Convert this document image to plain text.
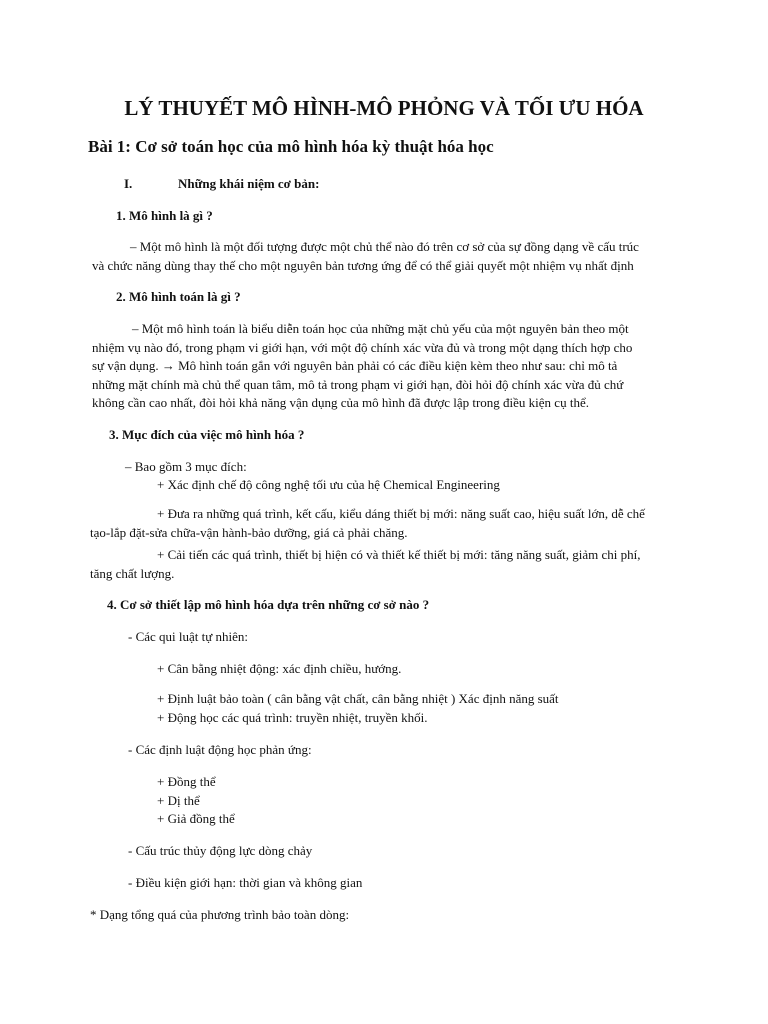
LÝ THUYẾT MÔ HÌNH-MÔ PHỎNG VÀ TỐI ƯU HÓA
Bài 1: Cơ sở toán học của mô hình hóa kỳ thuật hóa học
I.	Những khái niệm cơ bản:
1. Mô hình là gì ?
– Một mô hình là một đối tượng được một chủ thể nào đó trên cơ sở của sự đồng dạng về cấu trúc
và chức năng dùng thay thế cho một nguyên bản tương ứng để có thể giải quyết một nhiệm vụ nhất định
2. Mô hình toán là gì ?
– Một mô hình toán là biểu diễn toán học của những mặt chủ yếu của một nguyên bản theo một
nhiệm vụ nào đó, trong phạm vi giới hạn, với một độ chính xác vừa đủ và trong một dạng thích hợp cho
sự vận dụng. → Mô hình toán gắn với nguyên bản phải có các điều kiện kèm theo như sau: chỉ mô tả
những mặt chính mà chủ thể quan tâm, mô tả trong phạm vi giới hạn, đòi hỏi độ chính xác vừa đủ chứ
không cần cao nhất, đòi hỏi khả năng vận dụng của mô hình đã được lập trong điều kiện cụ thể.
3. Mục đích của việc mô hình hóa ?
– Bao gồm 3 mục đích:
+ Xác định chế độ công nghệ tối ưu của hệ Chemical Engineering
+ Đưa ra những quá trình, kết cấu, kiểu dáng thiết bị mới: năng suất cao, hiệu suất lớn, dễ chế
tạo-lắp đặt-sửa chữa-vận hành-bảo dưỡng, giá cả phải chăng.
+ Cải tiến các quá trình, thiết bị hiện có và thiết kế thiết bị mới: tăng năng suất, giảm chi phí,
tăng chất lượng.
4. Cơ sở thiết lập mô hình hóa dựa trên những cơ sở nào ?
- Các qui luật tự nhiên:
+ Cân bằng nhiệt động: xác định chiều, hướng.
+ Định luật bảo toàn ( cân bằng vật chất, cân bằng nhiệt ) Xác định năng suất
+ Động học các quá trình: truyền nhiệt, truyền khối.
- Các định luật động học phản ứng:
+ Đồng thể
+ Dị thể
+ Giả đồng thể
- Cấu trúc thủy động lực dòng chảy
- Điều kiện giới hạn: thời gian và không gian
* Dạng tổng quá của phương trình bảo toàn dòng:
